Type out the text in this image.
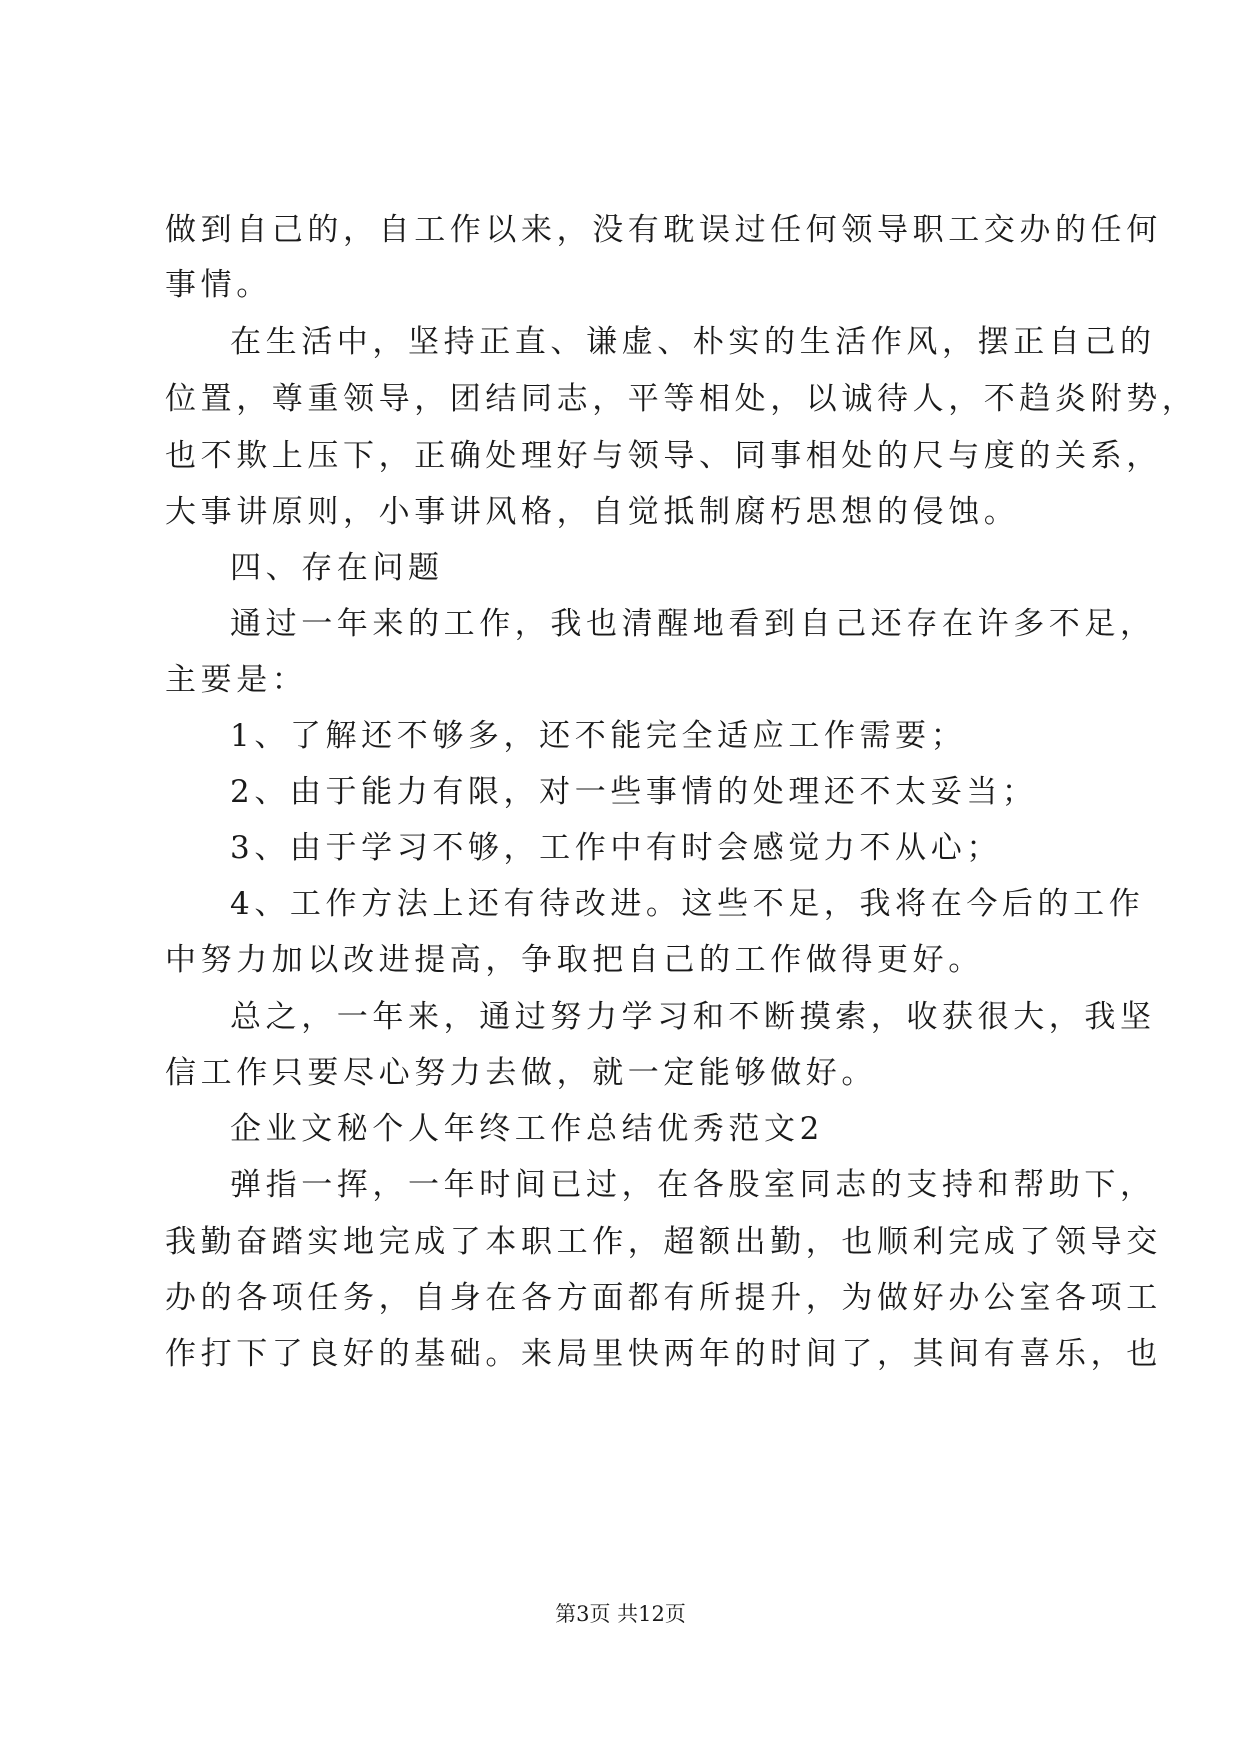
做到自己的，自工作以来，没有耽误过任何领导职工交办的任何
事情。
在生活中，坚持正直、谦虚、朴实的生活作风，摆正自己的
位置，尊重领导，团结同志，平等相处，以诚待人，不趋炎附势，
也不欺上压下，正确处理好与领导、同事相处的尺与度的关系，
大事讲原则，小事讲风格，自觉抵制腐朽思想的侵蚀。
四、存在问题
通过一年来的工作，我也清醒地看到自己还存在许多不足，
主要是：
1、了解还不够多，还不能完全适应工作需要；
2、由于能力有限，对一些事情的处理还不太妥当；
3、由于学习不够，工作中有时会感觉力不从心；
4、工作方法上还有待改进。这些不足，我将在今后的工作
中努力加以改进提高，争取把自己的工作做得更好。
总之，一年来，通过努力学习和不断摸索，收获很大，我坚
信工作只要尽心努力去做，就一定能够做好。
企业文秘个人年终工作总结优秀范文2
弹指一挥，一年时间已过，在各股室同志的支持和帮助下，
我勤奋踏实地完成了本职工作，超额出勤，也顺利完成了领导交
办的各项任务，自身在各方面都有所提升，为做好办公室各项工
作打下了良好的基础。来局里快两年的时间了，其间有喜乐，也
第3页 共12页
